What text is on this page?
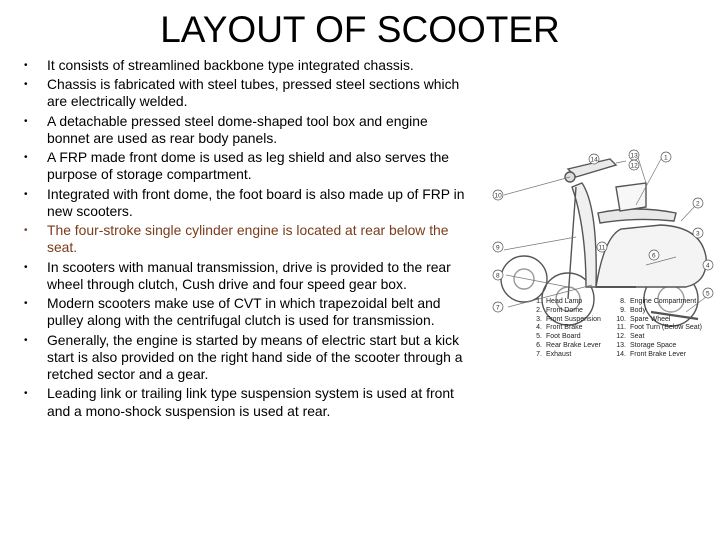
LAYOUT OF SCOOTER
• It consists of streamlined backbone type integrated chassis.
• Chassis is fabricated with steel tubes, pressed steel sections which are electrically welded.
• A detachable pressed steel dome-shaped tool box and engine bonnet are used as rear body panels.
• A FRP made front dome is used as leg shield and also serves the purpose of storage compartment.
• Integrated with front dome, the foot board is also made up of FRP in new scooters.
• The four-stroke single cylinder engine is located at rear below the seat.
• In scooters with manual transmission, drive is provided to the rear wheel through clutch, Cush drive and four speed gear box.
• Modern scooters make use of CVT in which trapezoidal belt and pulley along with the centrifugal clutch is used for transmission.
• Generally, the engine is started by means of electric start but a kick start is also provided on the right hand side of the scooter through a retched sector and a gear.
• Leading link or trailing link type suspension system is used at front and a mono-shock suspension is used at rear.
10
9
8
7
14
13
12
1
2
3
4
5
6
11
1. Head Lamp
2. Front Dome
3. Front Suspension
4. Front Brake
5. Foot Board
6. Rear Brake Lever
7. Exhaust
8. Engine Compartment
9. Body
10. Spare Wheel
11. Foot Turn (Below Seat)
12. Seat
13. Storage Space
14. Front Brake Lever
